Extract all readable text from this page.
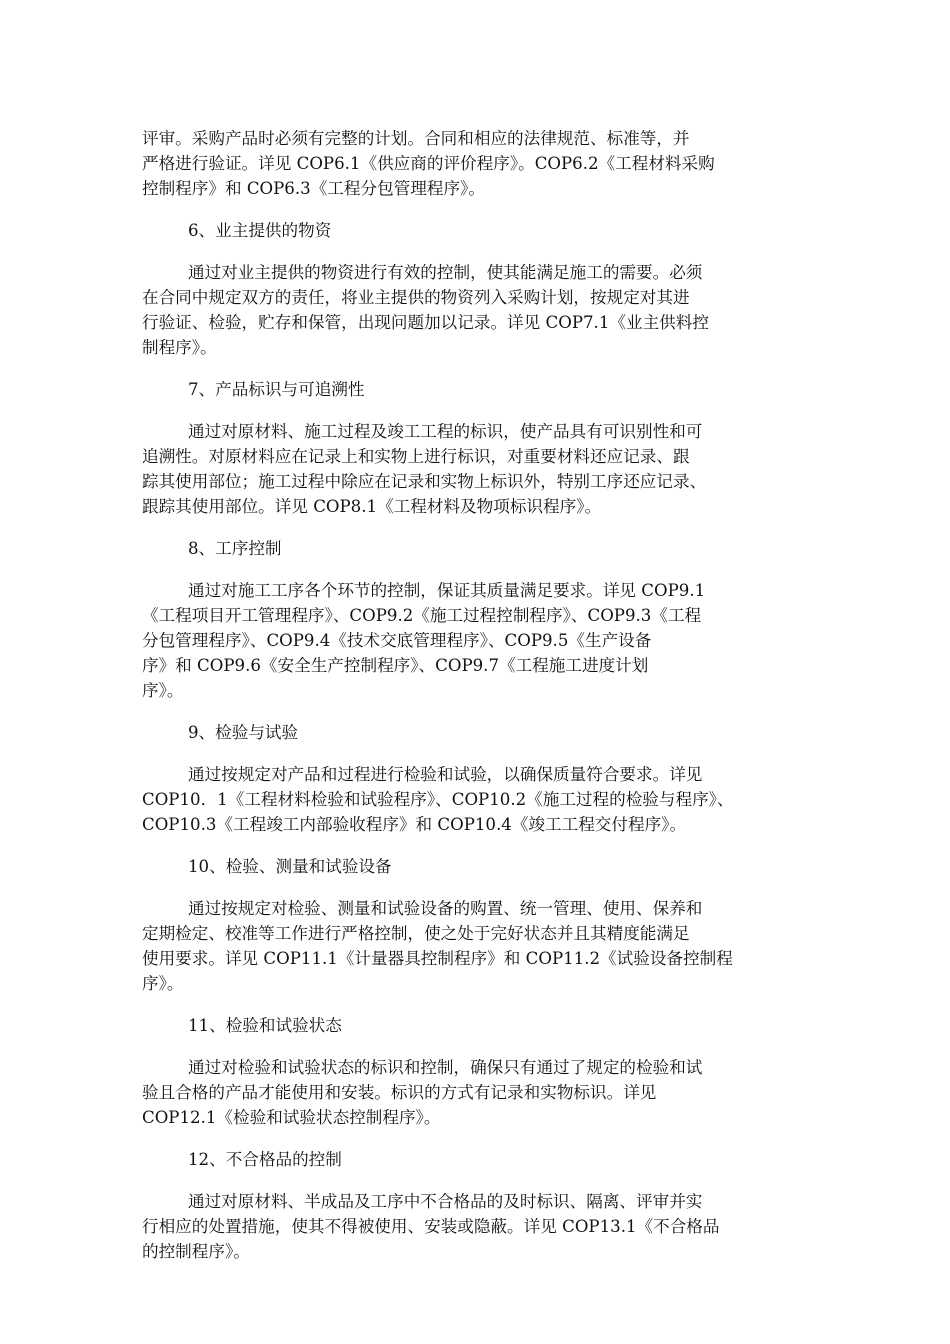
评审。采购产品时必须有完整的计划。合同和相应的法律规范、标准等，并
严格进行验证。详见 COP6.1《供应商的评价程序》。COP6.2《工程材料采购
控制程序》和 COP6.3《工程分包管理程序》。

6、业主提供的物资

通过对业主提供的物资进行有效的控制，使其能满足施工的需要。必须
在合同中规定双方的责任，将业主提供的物资列入采购计划，按规定对其进
行验证、检验，贮存和保管，出现问题加以记录。详见 COP7.1《业主供料控
制程序》。

7、产品标识与可追溯性

通过对原材料、施工过程及竣工工程的标识，使产品具有可识别性和可
追溯性。对原材料应在记录上和实物上进行标识，对重要材料还应记录、跟
踪其使用部位；施工过程中除应在记录和实物上标识外，特别工序还应记录、
跟踪其使用部位。详见 COP8.1《工程材料及物项标识程序》。

8、工序控制

通过对施工工序各个环节的控制，保证其质量满足要求。详见 COP9.1
《工程项目开工管理程序》、COP9.2《施工过程控制程序》、COP9.3《工程
分包管理程序》、COP9.4《技术交底管理程序》、COP9.5《生产设备
序》和 COP9.6《安全生产控制程序》、COP9.7《工程施工进度计划
序》。

9、检验与试验

通过按规定对产品和过程进行检验和试验，以确保质量符合要求。详见
COP10．1《工程材料检验和试验程序》、COP10.2《施工过程的检验与程序》、
COP10.3《工程竣工内部验收程序》和 COP10.4《竣工工程交付程序》。

10、检验、测量和试验设备

通过按规定对检验、测量和试验设备的购置、统一管理、使用、保养和
定期检定、校准等工作进行严格控制，使之处于完好状态并且其精度能满足
使用要求。详见 COP11.1《计量器具控制程序》和 COP11.2《试验设备控制程
序》。

11、检验和试验状态

通过对检验和试验状态的标识和控制，确保只有通过了规定的检验和试
验且合格的产品才能使用和安装。标识的方式有记录和实物标识。详见
COP12.1《检验和试验状态控制程序》。

12、不合格品的控制

通过对原材料、半成品及工序中不合格品的及时标识、隔离、评审并实
行相应的处置措施，使其不得被使用、安装或隐蔽。详见 COP13.1《不合格品
的控制程序》。
